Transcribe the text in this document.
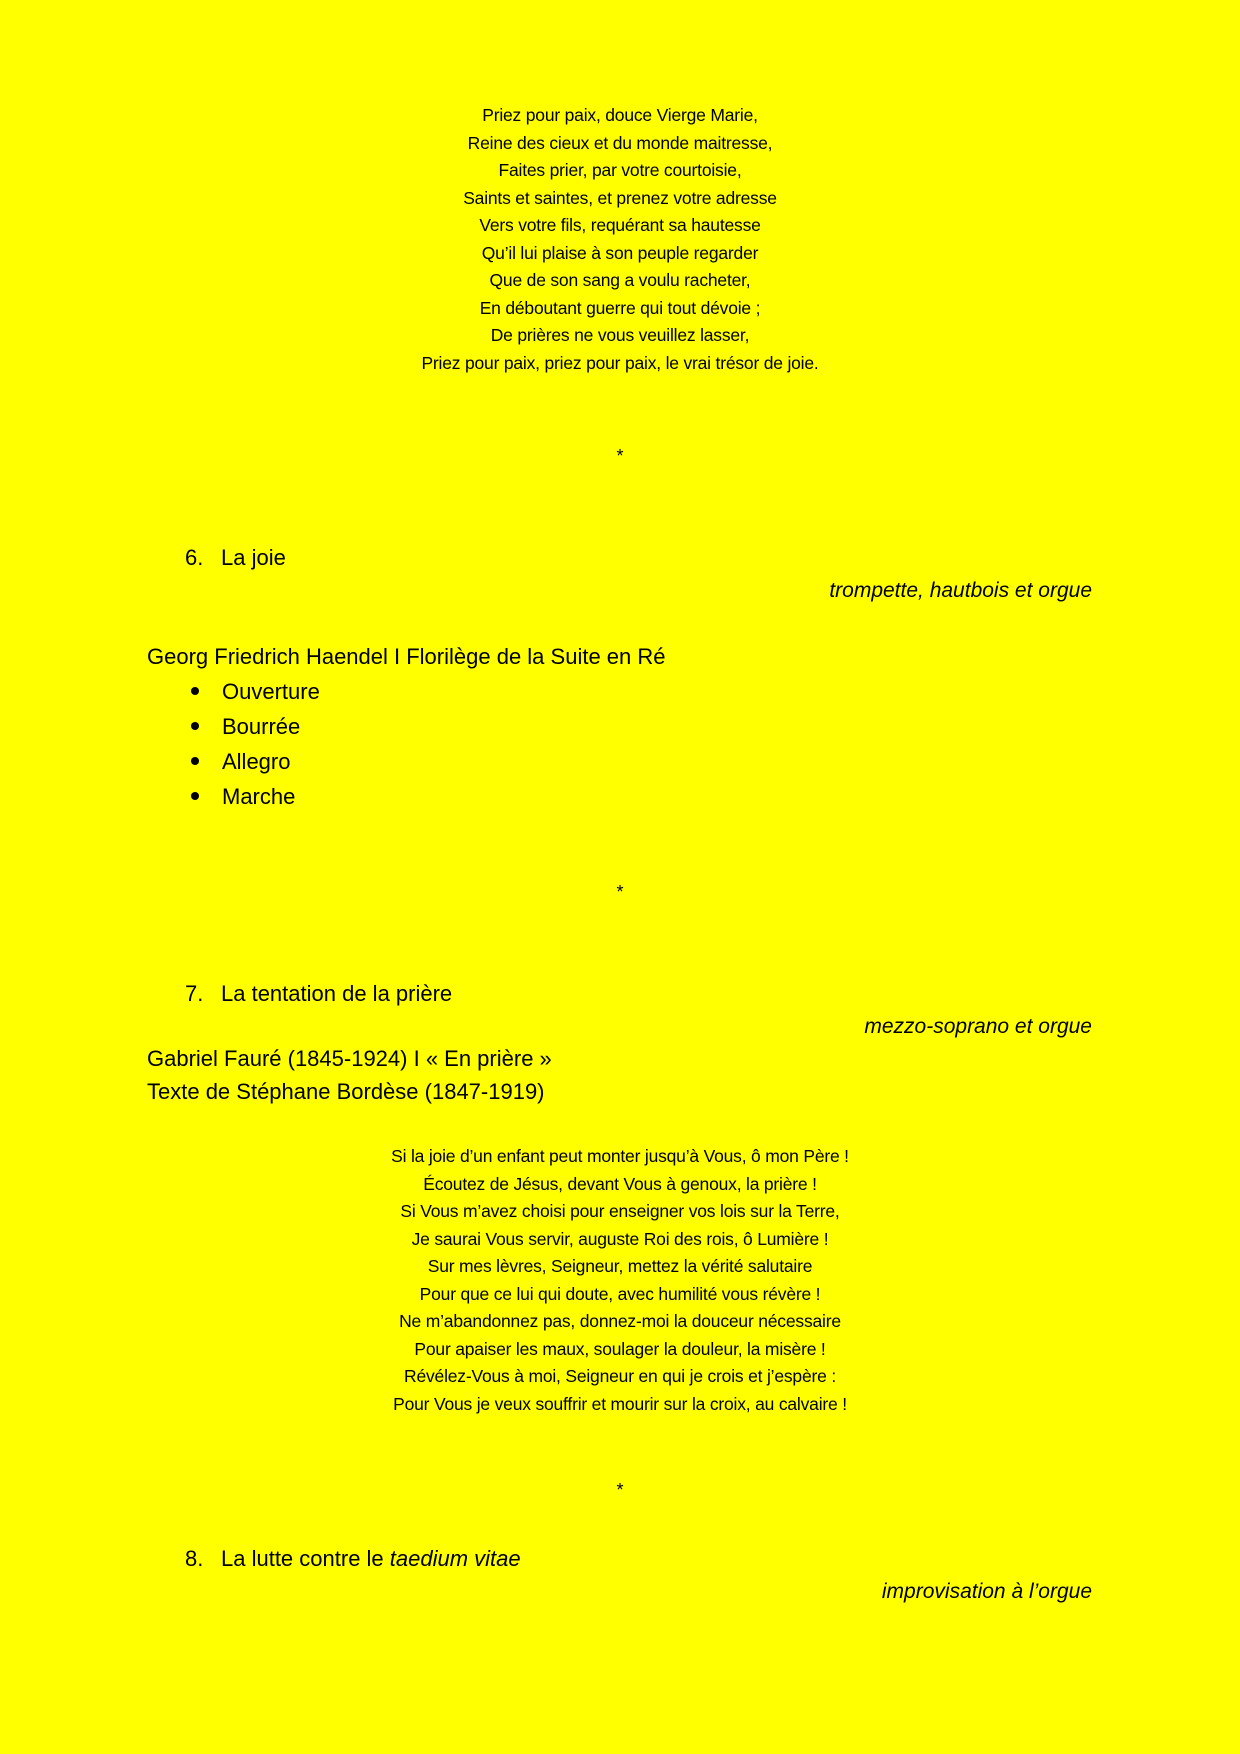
Priez pour paix, douce Vierge Marie,
Reine des cieux et du monde maitresse,
Faites prier, par votre courtoisie,
Saints et saintes, et prenez votre adresse
Vers votre fils, requérant sa hautesse
Qu’il lui plaise à son peuple regarder
Que de son sang a voulu racheter,
En déboutant guerre qui tout dévoie ;
De prières ne vous veuillez lasser,
Priez pour paix, priez pour paix, le vrai trésor de joie.
*
6. La joie
trompette, hautbois et orgue
Georg Friedrich Haendel I Florilège de la Suite en Ré
Ouverture
Bourrée
Allegro
Marche
*
7. La tentation de la prière
mezzo-soprano et orgue
Gabriel Fauré (1845-1924) I « En prière »
Texte de Stéphane Bordèse (1847-1919)
Si la joie d’un enfant peut monter jusqu’à Vous, ô mon Père !
Écoutez de Jésus, devant Vous à genoux, la prière !
Si Vous m’avez choisi pour enseigner vos lois sur la Terre,
Je saurai Vous servir, auguste Roi des rois, ô Lumière !
Sur mes lèvres, Seigneur, mettez la vérité salutaire
Pour que ce lui qui doute, avec humilité vous révère !
Ne m’abandonnez pas, donnez-moi la douceur nécessaire
Pour apaiser les maux, soulager la douleur, la misère !
Révélez-Vous à moi, Seigneur en qui je crois et j’espère :
Pour Vous je veux souffrir et mourir sur la croix, au calvaire !
*
8. La lutte contre le taedium vitae
improvisation à l’orgue
